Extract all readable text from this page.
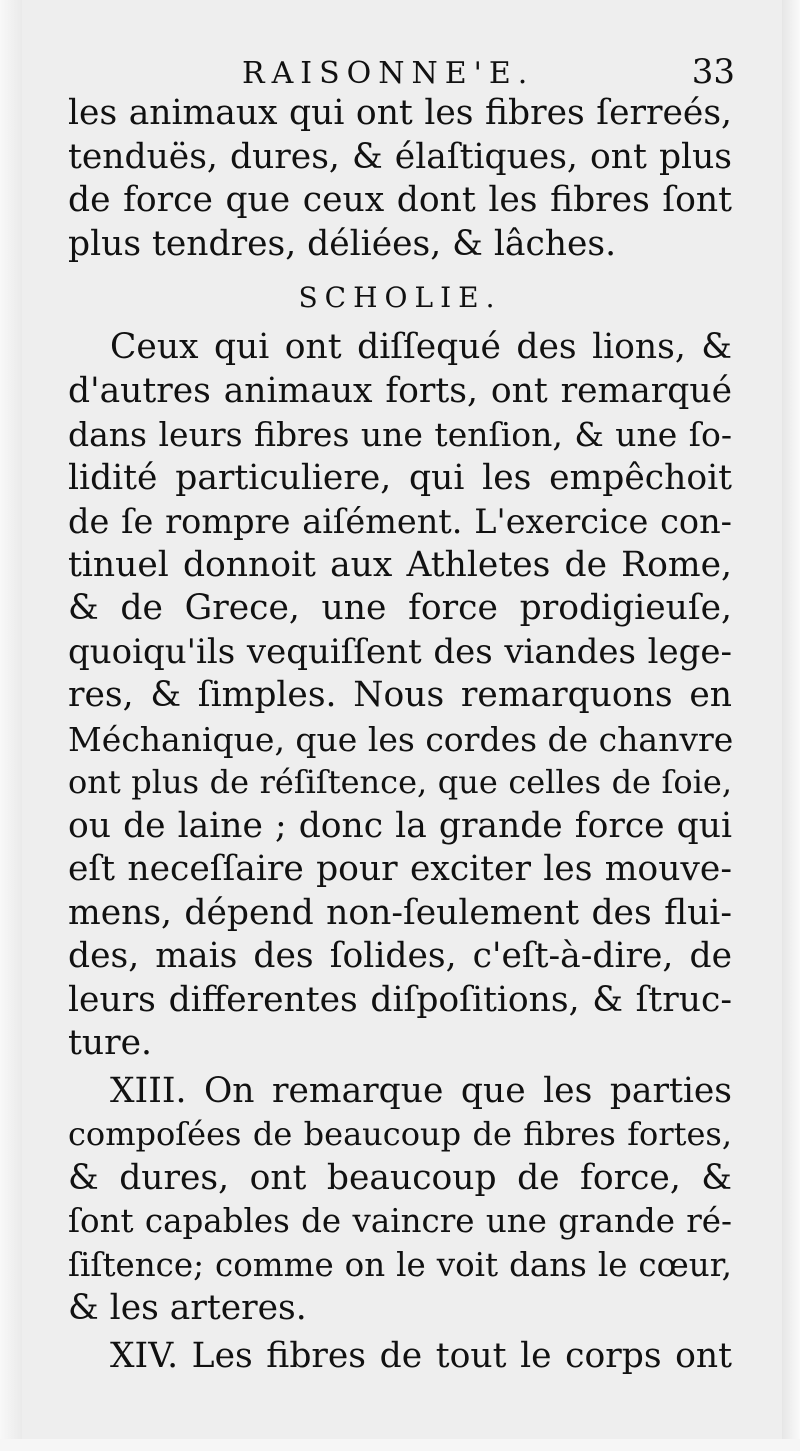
RAISONNE'E.	33
les animaux qui ont les fibres ſerreés,
tenduës, dures, & élaſtiques, ont plus
de force que ceux dont les fibres ſont
plus tendres, déliées, & lâches.
SCHOLIE.
Ceux qui ont diſſequé des lions, &
d'autres animaux forts, ont remarqué
dans leurs fibres une tenſion, & une ſo-
lidité particuliere, qui les empêchoit
de ſe rompre aiſément. L'exercice con-
tinuel donnoit aux Athletes de Rome,
& de Grece, une force prodigieuſe,
quoiqu'ils vequiſſent des viandes lege-
res, & ſimples. Nous remarquons en
Méchanique, que les cordes de chanvre
ont plus de réſiſtence, que celles de ſoie,
ou de laine ; donc la grande force qui
eſt neceſſaire pour exciter les mouve-
mens, dépend non-ſeulement des flui-
des, mais des ſolides, c'eſt-à-dire, de
leurs differentes diſpoſitions, & ſtruc-
ture.
XIII. On remarque que les parties
compoſées de beaucoup de fibres fortes,
& dures, ont beaucoup de force, &
ſont capables de vaincre une grande ré-
ſiſtence; comme on le voit dans le cœur,
& les arteres.
XIV. Les fibres de tout le corps ont
